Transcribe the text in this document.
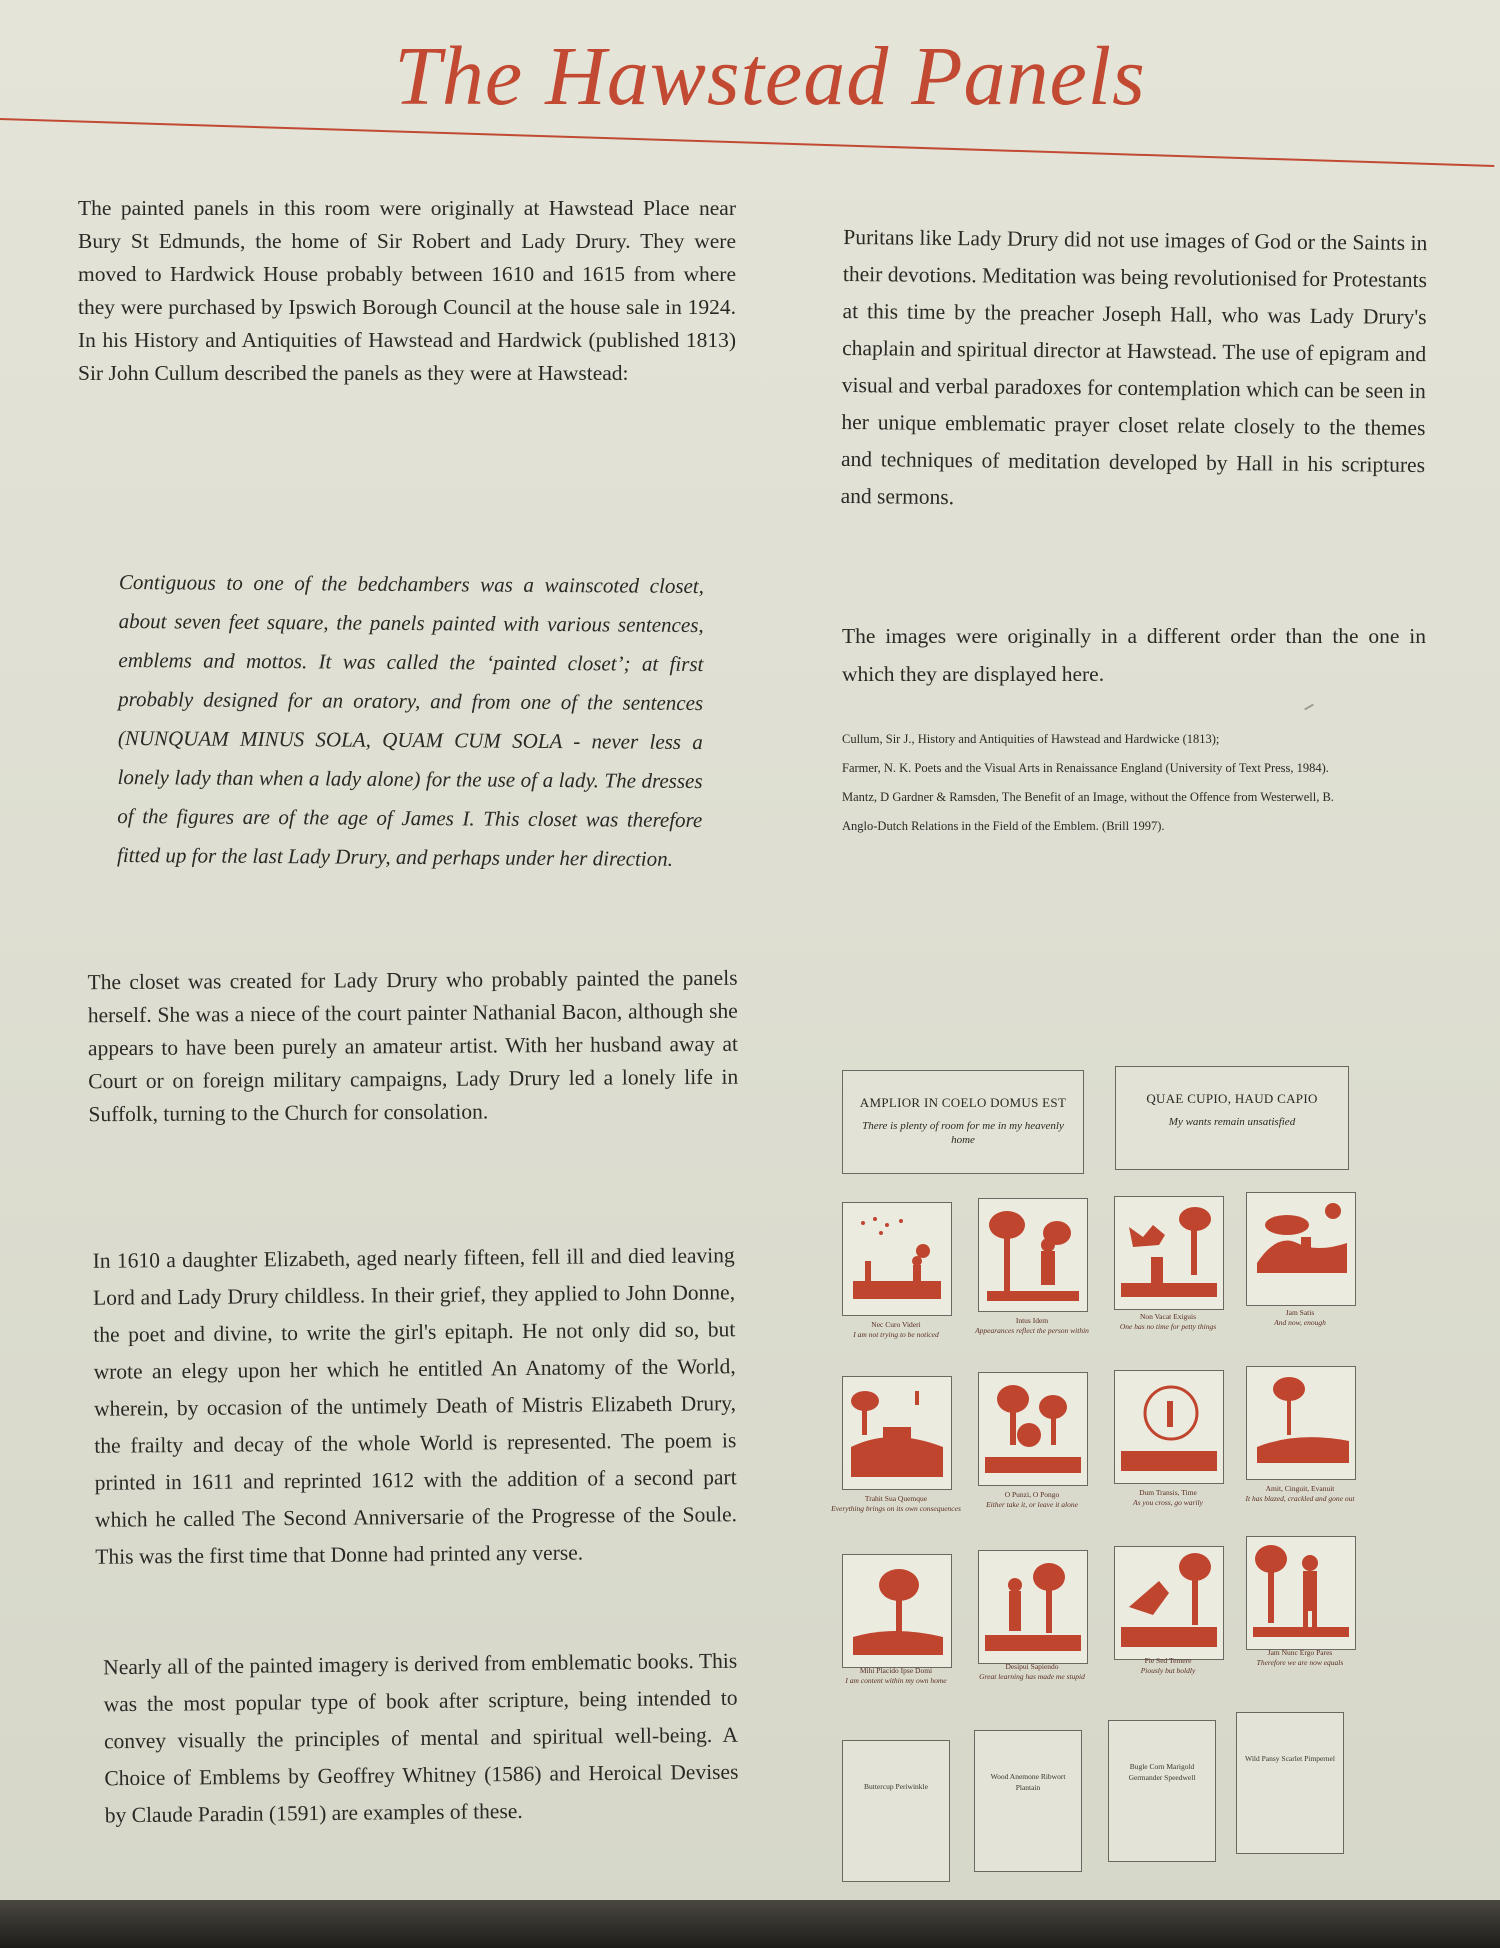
The Hawstead Panels

The painted panels in this room were originally at Hawstead Place near Bury St Edmunds, the home of Sir Robert and Lady Drury. They were moved to Hardwick House probably between 1610 and 1615 from where they were purchased by Ipswich Borough Council at the house sale in 1924. In his History and Antiquities of Hawstead and Hardwick (published 1813) Sir John Cullum described the panels as they were at Hawstead:

Contiguous to one of the bedchambers was a wainscoted closet, about seven feet square, the panels painted with various sentences, emblems and mottos. It was called the ‘painted closet’; at first probably designed for an oratory, and from one of the sentences (NUNQUAM MINUS SOLA, QUAM CUM SOLA - never less a lonely lady than when a lady alone) for the use of a lady. The dresses of the figures are of the age of James I. This closet was therefore fitted up for the last Lady Drury, and perhaps under her direction.

The closet was created for Lady Drury who probably painted the panels herself. She was a niece of the court painter Nathanial Bacon, although she appears to have been purely an amateur artist. With her husband away at Court or on foreign military campaigns, Lady Drury led a lonely life in Suffolk, turning to the Church for consolation.

In 1610 a daughter Elizabeth, aged nearly fifteen, fell ill and died leaving Lord and Lady Drury childless. In their grief, they applied to John Donne, the poet and divine, to write the girl's epitaph. He not only did so, but wrote an elegy upon her which he entitled An Anatomy of the World, wherein, by occasion of the untimely Death of Mistris Elizabeth Drury, the frailty and decay of the whole World is represented. The poem is printed in 1611 and reprinted 1612 with the addition of a second part which he called The Second Anniversarie of the Progresse of the Soule. This was the first time that Donne had printed any verse.

Nearly all of the painted imagery is derived from emblematic books. This was the most popular type of book after scripture, being intended to convey visually the principles of mental and spiritual well-being. A Choice of Emblems by Geoffrey Whitney (1586) and Heroical Devises by Claude Paradin (1591) are examples of these.

Puritans like Lady Drury did not use images of God or the Saints in their devotions. Meditation was being revolutionised for Protestants at this time by the preacher Joseph Hall, who was Lady Drury's chaplain and spiritual director at Hawstead. The use of epigram and visual and verbal paradoxes for contemplation which can be seen in her unique emblematic prayer closet relate closely to the themes and techniques of meditation developed by Hall in his scriptures and sermons.

The images were originally in a different order than the one in which they are displayed here.

Cullum, Sir J., History and Antiquities of Hawstead and Hardwicke (1813);

Farmer, N. K. Poets and the Visual Arts in Renaissance England (University of Text Press, 1984).

Mantz, D Gardner & Ramsden, The Benefit of an Image, without the Offence from Westerwell, B.

Anglo-Dutch Relations in the Field of the Emblem. (Brill 1997).

AMPLIOR IN COELO DOMUS EST
There is plenty of room for me in my heavenly home
QUAE CUPIO, HAUD CAPIO
My wants remain unsatisfied
Nec Curo Videri
I am not trying to be noticed
Intus Idem
Appearances reflect the person within
Non Vacat Exiguis
One has no time for petty things
Jam Satis
And now, enough
Trahit Sua Quemque
Everything brings on its own consequences
O Punzi, O Pongo
Either take it, or leave it alone
Dum Transis, Time
As you cross, go warily
Amit, Cinguit, Evanuit
It has blazed, crackled and gone out
Mihi Placido Ipse Domi
I am content within my own home
Desipui Sapiendo
Great learning has made me stupid
Pie Sed Temere
Piously but boldly
Jam Nunc Ergo Pares
Therefore we are now equals
Buttercup Periwinkle
Wood Anemone Ribwort Plantain
Bugle Corn Marigold Germander Speedwell
Wild Pansy Scarlet Pimpernel
